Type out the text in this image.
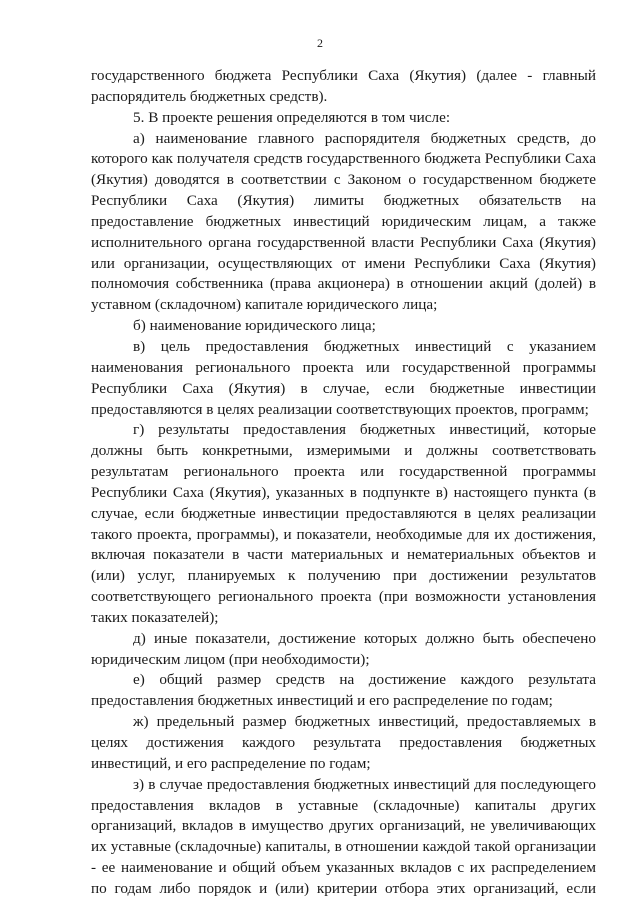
2

государственного бюджета Республики Саха (Якутия) (далее - главный распорядитель бюджетных средств).

5. В проекте решения определяются в том числе:

а) наименование главного распорядителя бюджетных средств, до которого как получателя средств государственного бюджета Республики Саха (Якутия) доводятся в соответствии с Законом о государственном бюджете Республики Саха (Якутия) лимиты бюджетных обязательств на предоставление бюджетных инвестиций юридическим лицам, а также исполнительного органа государственной власти Республики Саха (Якутия) или организации, осуществляющих от имени Республики Саха (Якутия) полномочия собственника (права акционера) в отношении акций (долей) в уставном (складочном) капитале юридического лица;

б) наименование юридического лица;

в) цель предоставления бюджетных инвестиций с указанием наименования регионального проекта или государственной программы Республики Саха (Якутия) в случае, если бюджетные инвестиции предоставляются в целях реализации соответствующих проектов, программ;

г) результаты предоставления бюджетных инвестиций, которые должны быть конкретными, измеримыми и должны соответствовать результатам регионального проекта или государственной программы Республики Саха (Якутия), указанных в подпункте в) настоящего пункта (в случае, если бюджетные инвестиции предоставляются в целях реализации такого проекта, программы), и показатели, необходимые для их достижения, включая показатели в части материальных и нематериальных объектов и (или) услуг, планируемых к получению при достижении результатов соответствующего регионального проекта (при возможности установления таких показателей);

д) иные показатели, достижение которых должно быть обеспечено юридическим лицом (при необходимости);

е) общий размер средств на достижение каждого результата предоставления бюджетных инвестиций и его распределение по годам;

ж) предельный размер бюджетных инвестиций, предоставляемых в целях достижения каждого результата предоставления бюджетных инвестиций, и его распределение по годам;

з) в случае предоставления бюджетных инвестиций для последующего предоставления вкладов в уставные (складочные) капиталы других организаций, вкладов в имущество других организаций, не увеличивающих их уставные (складочные) капиталы, в отношении каждой такой организации - ее наименование и общий объем указанных вкладов с их распределением по годам либо порядок и (или) критерии отбора этих организаций, если
